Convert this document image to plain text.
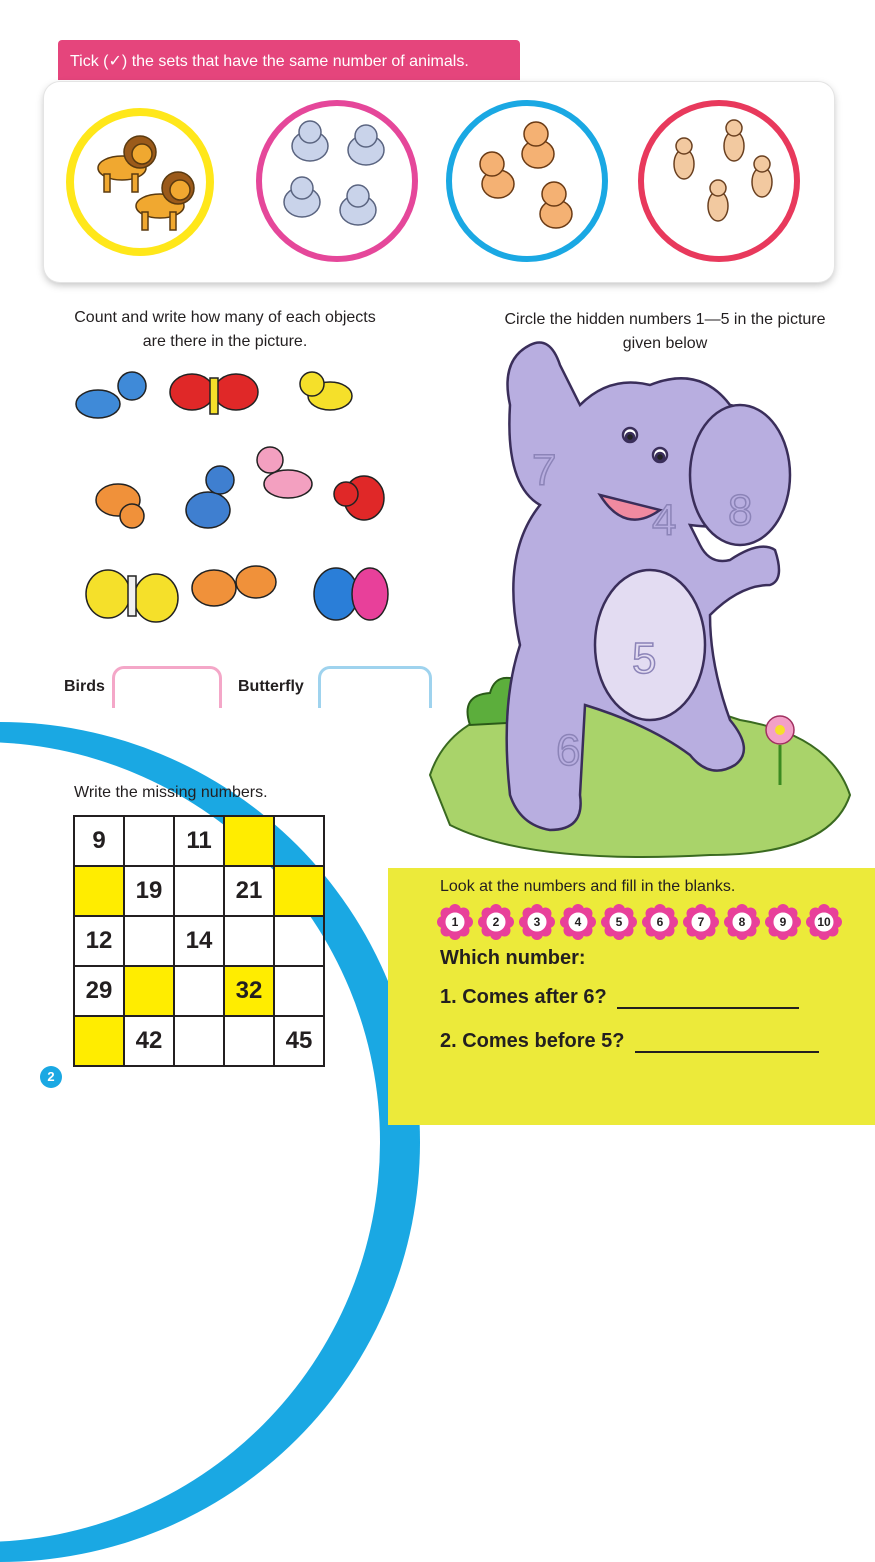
Tick (✓) the sets that have the same number of animals.
Count and write how many of each objects are there in the picture.
Birds	Butterfly
Circle the hidden numbers 1—5 in the picture given below
7
4 8
5
6
Write the missing numbers.
9		11		
	19		21	
12		14		
29			32	
	42			45
2
Look at the numbers and fill in the blanks.
1	2	3	4	5	6	7	8	9	10
Which number:
1. Comes after 6?
2. Comes before 5?
